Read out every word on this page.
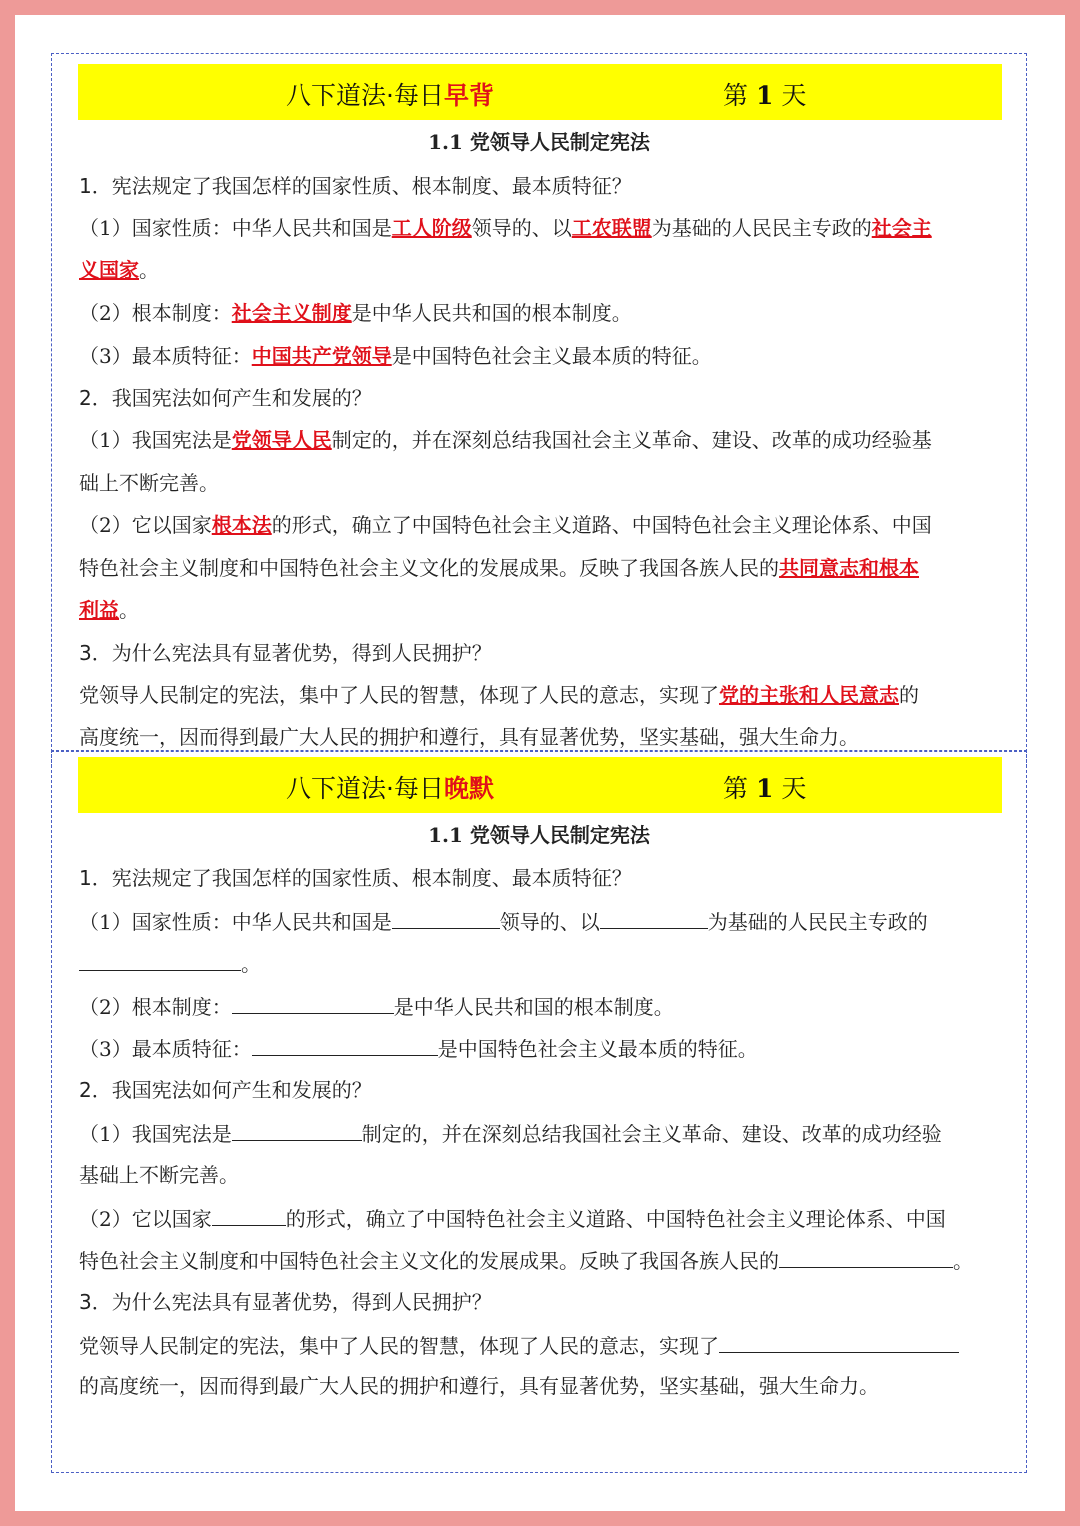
八下道法·每日早背	第 1 天
1.1 党领导人民制定宪法
1．宪法规定了我国怎样的国家性质、根本制度、最本质特征？
（1）国家性质：中华人民共和国是工人阶级领导的、以工农联盟为基础的人民民主专政的社会主
义国家。
（2）根本制度：社会主义制度是中华人民共和国的根本制度。
（3）最本质特征：中国共产党领导是中国特色社会主义最本质的特征。
2．我国宪法如何产生和发展的？
（1）我国宪法是党领导人民制定的，并在深刻总结我国社会主义革命、建设、改革的成功经验基
础上不断完善。
（2）它以国家根本法的形式，确立了中国特色社会主义道路、中国特色社会主义理论体系、中国
特色社会主义制度和中国特色社会主义文化的发展成果。反映了我国各族人民的共同意志和根本
利益。
3．为什么宪法具有显著优势，得到人民拥护？
党领导人民制定的宪法，集中了人民的智慧，体现了人民的意志，实现了党的主张和人民意志的
高度统一，因而得到最广大人民的拥护和遵行，具有显著优势，坚实基础，强大生命力。
八下道法·每日晚默	第 1 天
1.1 党领导人民制定宪法
1．宪法规定了我国怎样的国家性质、根本制度、最本质特征？
（1）国家性质：中华人民共和国是	领导的、以	为基础的人民民主专政的
。
（2）根本制度：	是中华人民共和国的根本制度。
（3）最本质特征：	是中国特色社会主义最本质的特征。
2．我国宪法如何产生和发展的？
（1）我国宪法是	制定的，并在深刻总结我国社会主义革命、建设、改革的成功经验
基础上不断完善。
（2）它以国家	的形式，确立了中国特色社会主义道路、中国特色社会主义理论体系、中国
特色社会主义制度和中国特色社会主义文化的发展成果。反映了我国各族人民的	。
3．为什么宪法具有显著优势，得到人民拥护？
党领导人民制定的宪法，集中了人民的智慧，体现了人民的意志，实现了
的高度统一，因而得到最广大人民的拥护和遵行，具有显著优势，坚实基础，强大生命力。
